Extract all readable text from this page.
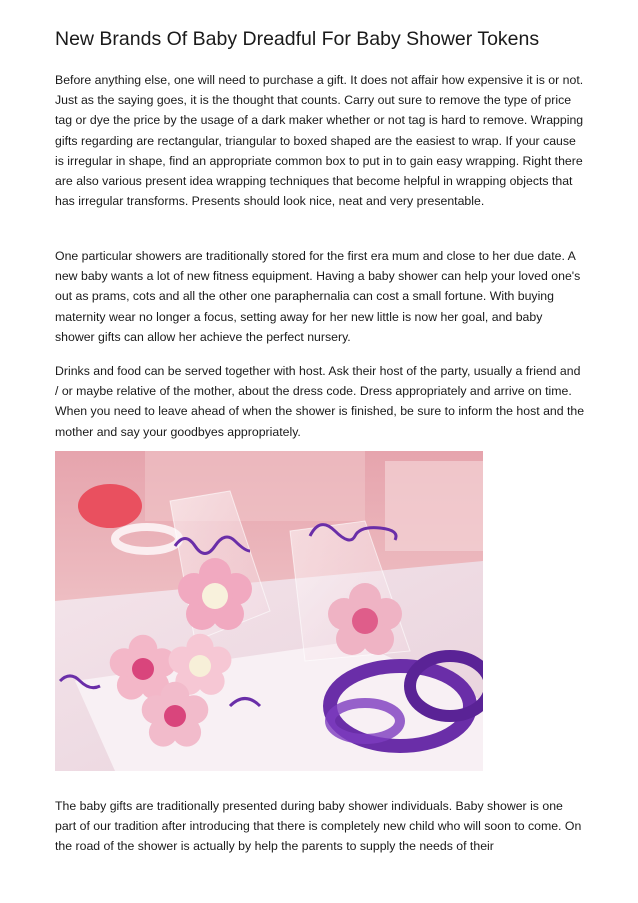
New Brands Of Baby Dreadful For Baby Shower Tokens

Before anything else, one will need to purchase a gift. It does not affair how expensive it is or not. Just as the saying goes, it is the thought that counts. Carry out sure to remove the type of price tag or dye the price by the usage of a dark maker whether or not tag is hard to remove. Wrapping gifts regarding are rectangular, triangular to boxed shaped are the easiest to wrap. If your cause is irregular in shape, find an appropriate common box to put in to gain easy wrapping. Right there are also various present idea wrapping techniques that become helpful in wrapping objects that has irregular transforms. Presents should look nice, neat and very presentable.

One particular showers are traditionally stored for the first era mum and close to her due date. A new baby wants a lot of new fitness equipment. Having a baby shower can help your loved one's out as prams, cots and all the other one paraphernalia can cost a small fortune. With buying maternity wear no longer a focus, setting away for her new little is now her goal, and baby shower gifts can allow her achieve the perfect nursery.

Drinks and food can be served together with host. Ask their host of the party, usually a friend and / or maybe relative of the mother, about the dress code. Dress appropriately and arrive on time. When you need to leave ahead of when the shower is finished, be sure to inform the host and the mother and say your goodbyes appropriately.

The baby gifts are traditionally presented during baby shower individuals. Baby shower is one part of our tradition after introducing that there is completely new child who will soon to come. On the road of the shower is actually by help the parents to supply the needs of their
